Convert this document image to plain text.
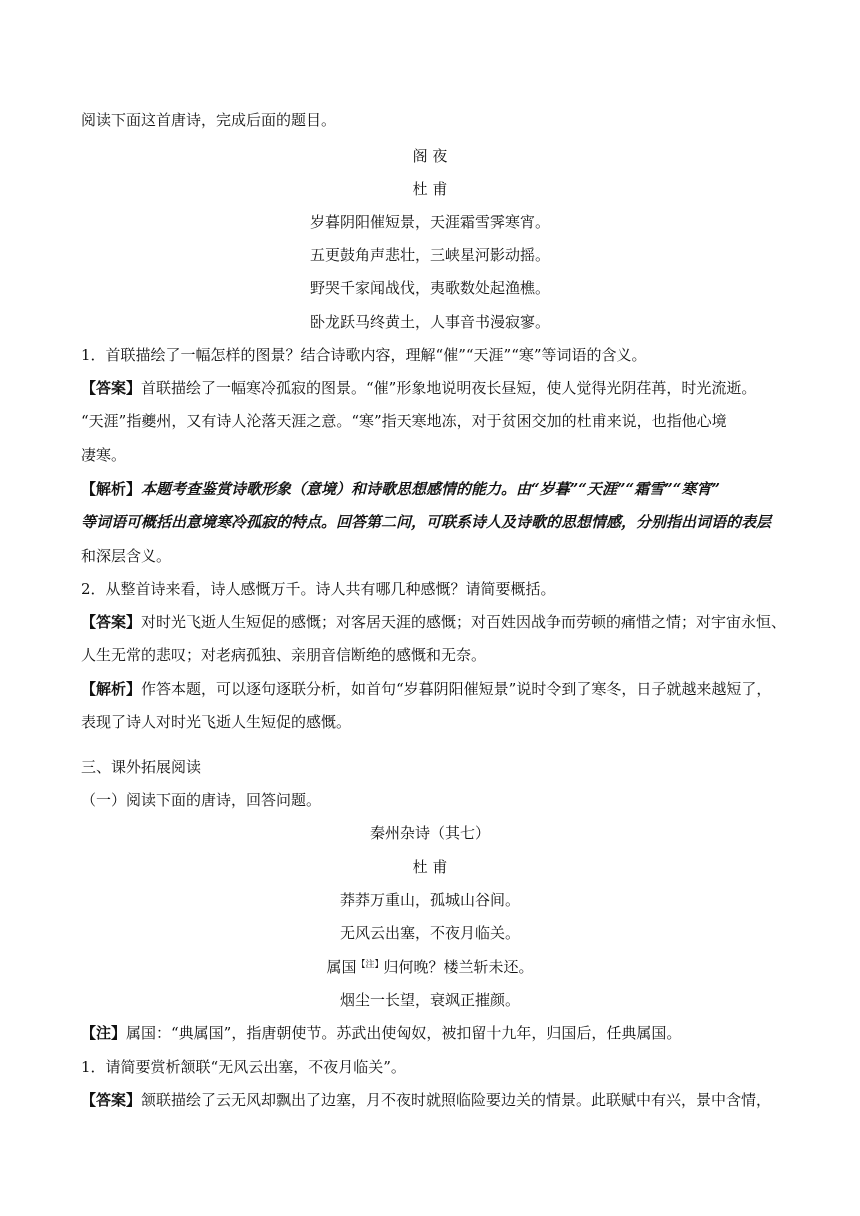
阅读下面这首唐诗，完成后面的题目。
阁 夜
杜 甫
岁暮阴阳催短景，天涯霜雪霁寒宵。
五更鼓角声悲壮，三峡星河影动摇。
野哭千家闻战伐，夷歌数处起渔樵。
卧龙跃马终黄土，人事音书漫寂寥。
1．首联描绘了一幅怎样的图景？结合诗歌内容，理解“催”“天涯”“寒”等词语的含义。
【答案】首联描绘了一幅寒冷孤寂的图景。“催”形象地说明夜长昼短，使人觉得光阴荏苒，时光流逝。
“天涯”指夔州，又有诗人沦落天涯之意。“寒”指天寒地冻，对于贫困交加的杜甫来说，也指他心境
凄寒。
【解析】本题考查鉴赏诗歌形象（意境）和诗歌思想感情的能力。由“岁暮”“天涯”“霜雪”“寒宵”
等词语可概括出意境寒冷孤寂的特点。回答第二问，可联系诗人及诗歌的思想情感，分别指出词语的表层
和深层含义。
2．从整首诗来看，诗人感慨万千。诗人共有哪几种感慨？请简要概括。
【答案】对时光飞逝人生短促的感慨；对客居天涯的感慨；对百姓因战争而劳顿的痛惜之情；对宇宙永恒、
人生无常的悲叹；对老病孤独、亲朋音信断绝的感慨和无奈。
【解析】作答本题，可以逐句逐联分析，如首句“岁暮阴阳催短景”说时令到了寒冬，日子就越来越短了，
表现了诗人对时光飞逝人生短促的感慨。
三、课外拓展阅读
（一）阅读下面的唐诗，回答问题。
秦州杂诗（其七）
杜 甫
莽莽万重山，孤城山谷间。
无风云出塞，不夜月临关。
属国$^{【注】}$归何晚？楼兰斩未还。
烟尘一长望，衰飒正摧颜。
【注】属国：“典属国”，指唐朝使节。苏武出使匈奴，被扣留十九年，归国后，任典属国。
1．请简要赏析颔联“无风云出塞，不夜月临关”。
【答案】颔联描绘了云无风却飘出了边塞，月不夜时就照临险要边关的情景。此联赋中有兴，景中含情，
